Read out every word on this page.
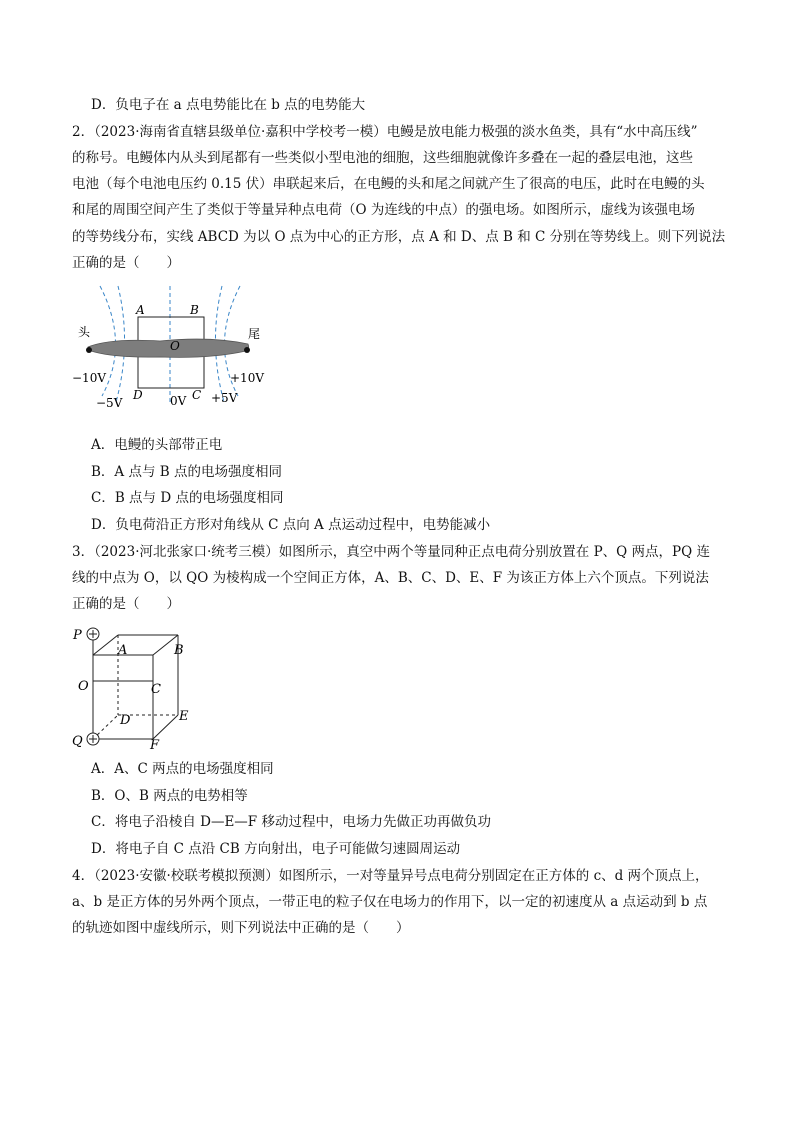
D．负电子在 a 点电势能比在 b 点的电势能大
2．（2023·海南省直辖县级单位·嘉积中学校考一模）电鳗是放电能力极强的淡水鱼类，具有“水中高压线”
的称号。电鳗体内从头到尾都有一些类似小型电池的细胞，这些细胞就像许多叠在一起的叠层电池，这些
电池（每个电池电压约 0.15 伏）串联起来后，在电鳗的头和尾之间就产生了很高的电压，此时在电鳗的头
和尾的周围空间产生了类似于等量异种点电荷（O 为连线的中点）的强电场。如图所示，虚线为该强电场
的等势线分布，实线 ABCD 为以 O 点为中心的正方形，点 A 和 D、点 B 和 C 分别在等势线上。则下列说法
正确的是（　　）
头	尾
A	B
O
D	C
−10V	+10V
−5V	0V +5V
A．电鳗的头部带正电
B．A 点与 B 点的电场强度相同
C．B 点与 D 点的电场强度相同
D．负电荷沿正方形对角线从 C 点向 A 点运动过程中，电势能减小
3．（2023·河北张家口·统考三模）如图所示，真空中两个等量同种正点电荷分别放置在 P、Q 两点，PQ 连
线的中点为 O，以 QO 为棱构成一个空间正方体，A、B、C、D、E、F 为该正方体上六个顶点。下列说法
正确的是（　　）
P
Q
O
A	B
C
D	E
F
A．A、C 两点的电场强度相同
B．O、B 两点的电势相等
C．将电子沿棱自 D—E—F 移动过程中，电场力先做正功再做负功
D．将电子自 C 点沿 CB 方向射出，电子可能做匀速圆周运动
4．（2023·安徽·校联考模拟预测）如图所示，一对等量异号点电荷分别固定在正方体的 c、d 两个顶点上，
a、b 是正方体的另外两个顶点，一带正电的粒子仅在电场力的作用下，以一定的初速度从 a 点运动到 b 点
的轨迹如图中虚线所示，则下列说法中正确的是（　　）
